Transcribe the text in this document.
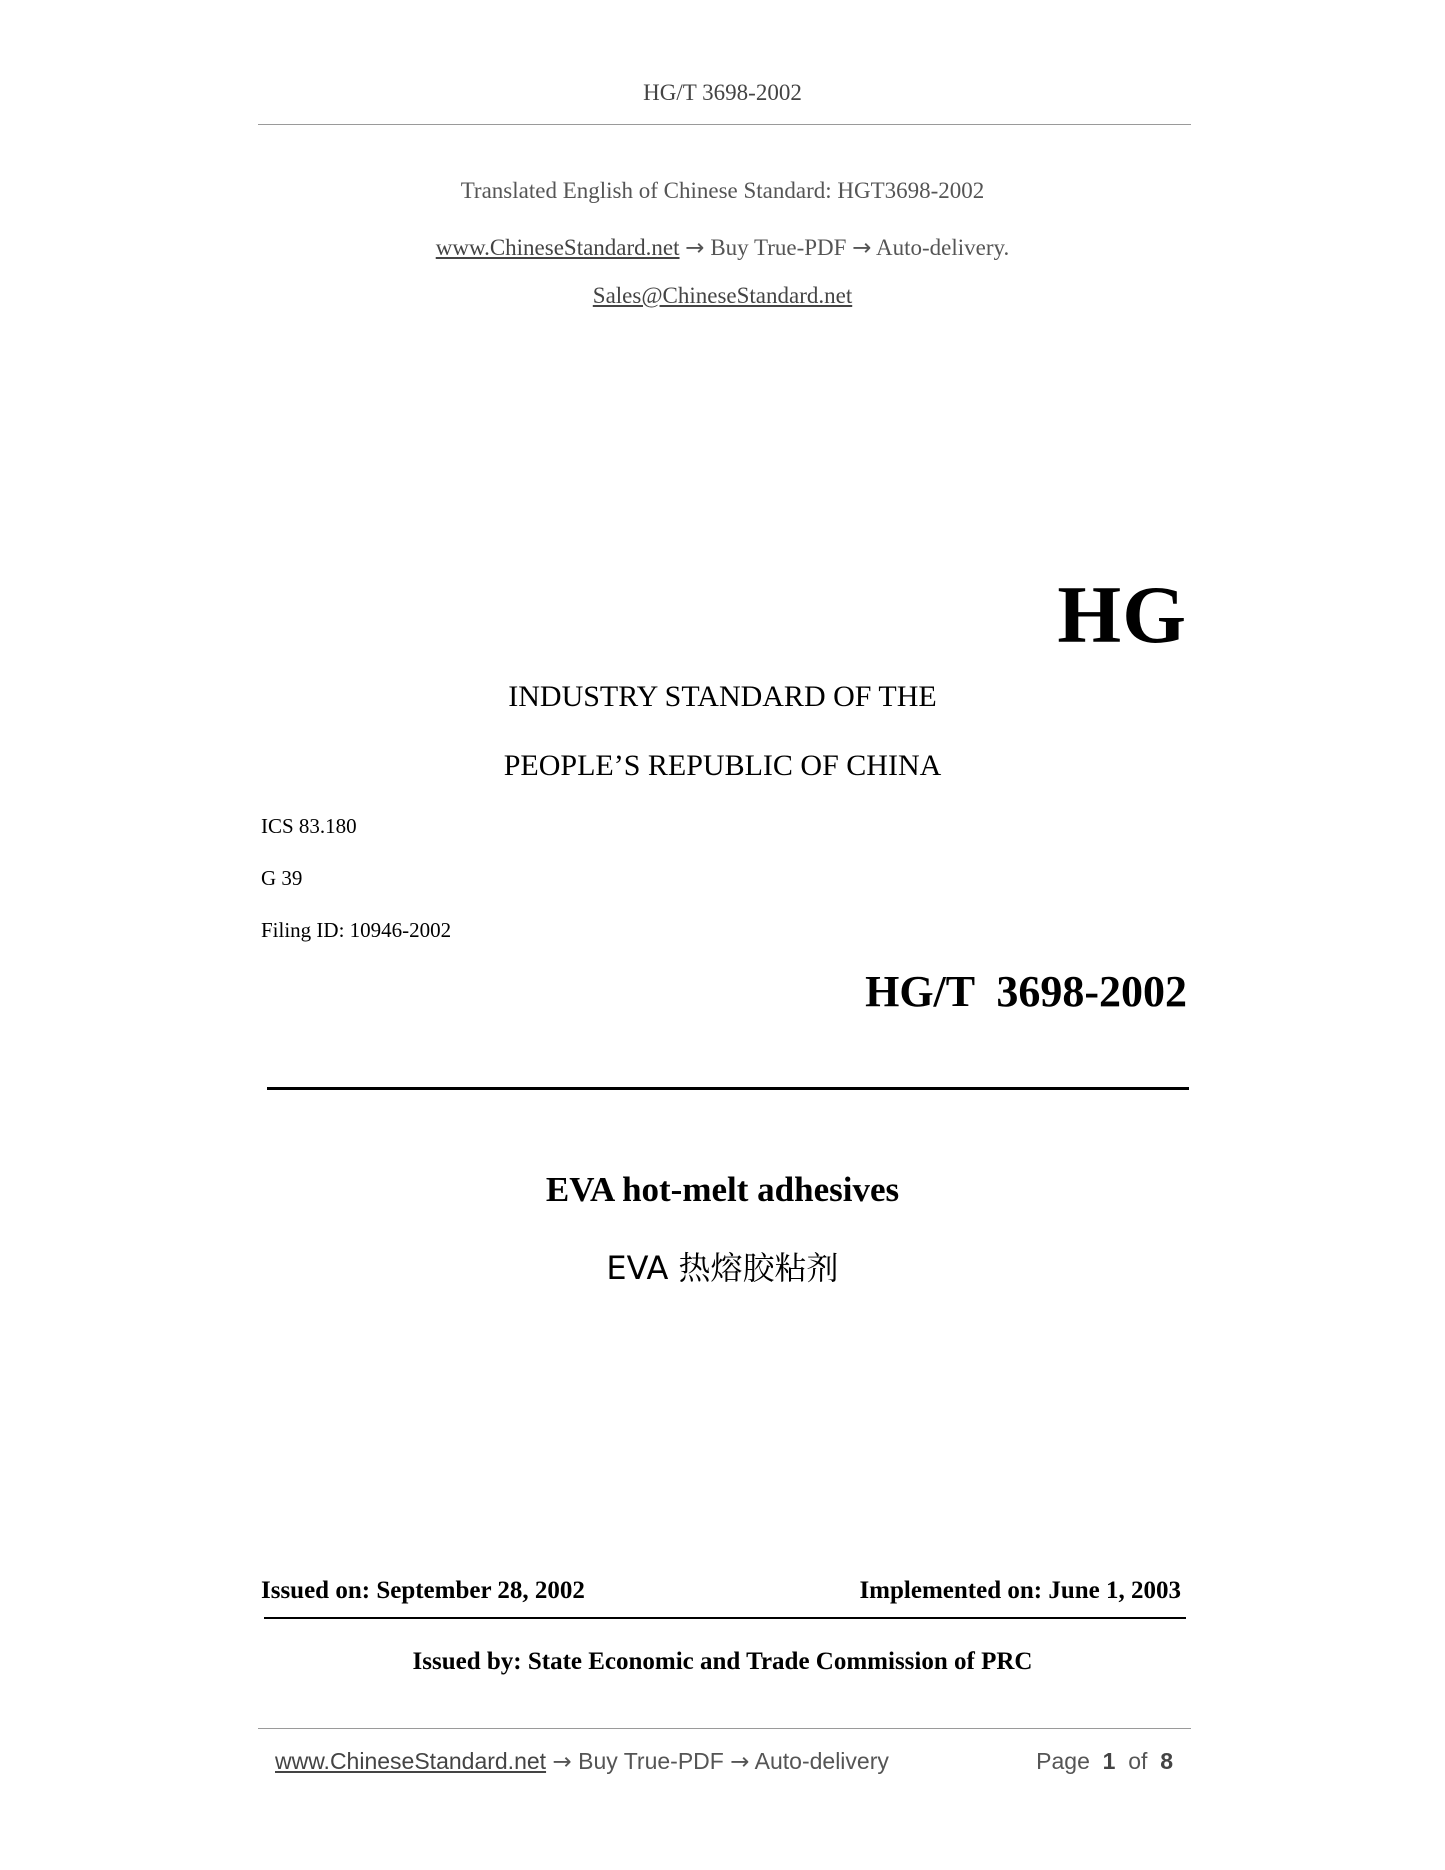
HG/T 3698-2002
Translated English of Chinese Standard: HGT3698-2002
www.ChineseStandard.net → Buy True-PDF → Auto-delivery.
Sales@ChineseStandard.net
HG
INDUSTRY STANDARD OF THE
PEOPLE’S REPUBLIC OF CHINA
ICS 83.180
G 39
Filing ID: 10946-2002
HG/T  3698-2002
EVA hot-melt adhesives
EVA 热熔胶粘剂
Issued on: September 28, 2002	Implemented on: June 1, 2003
Issued by: State Economic and Trade Commission of PRC
www.ChineseStandard.net → Buy True-PDF → Auto-delivery	Page 1 of 8
